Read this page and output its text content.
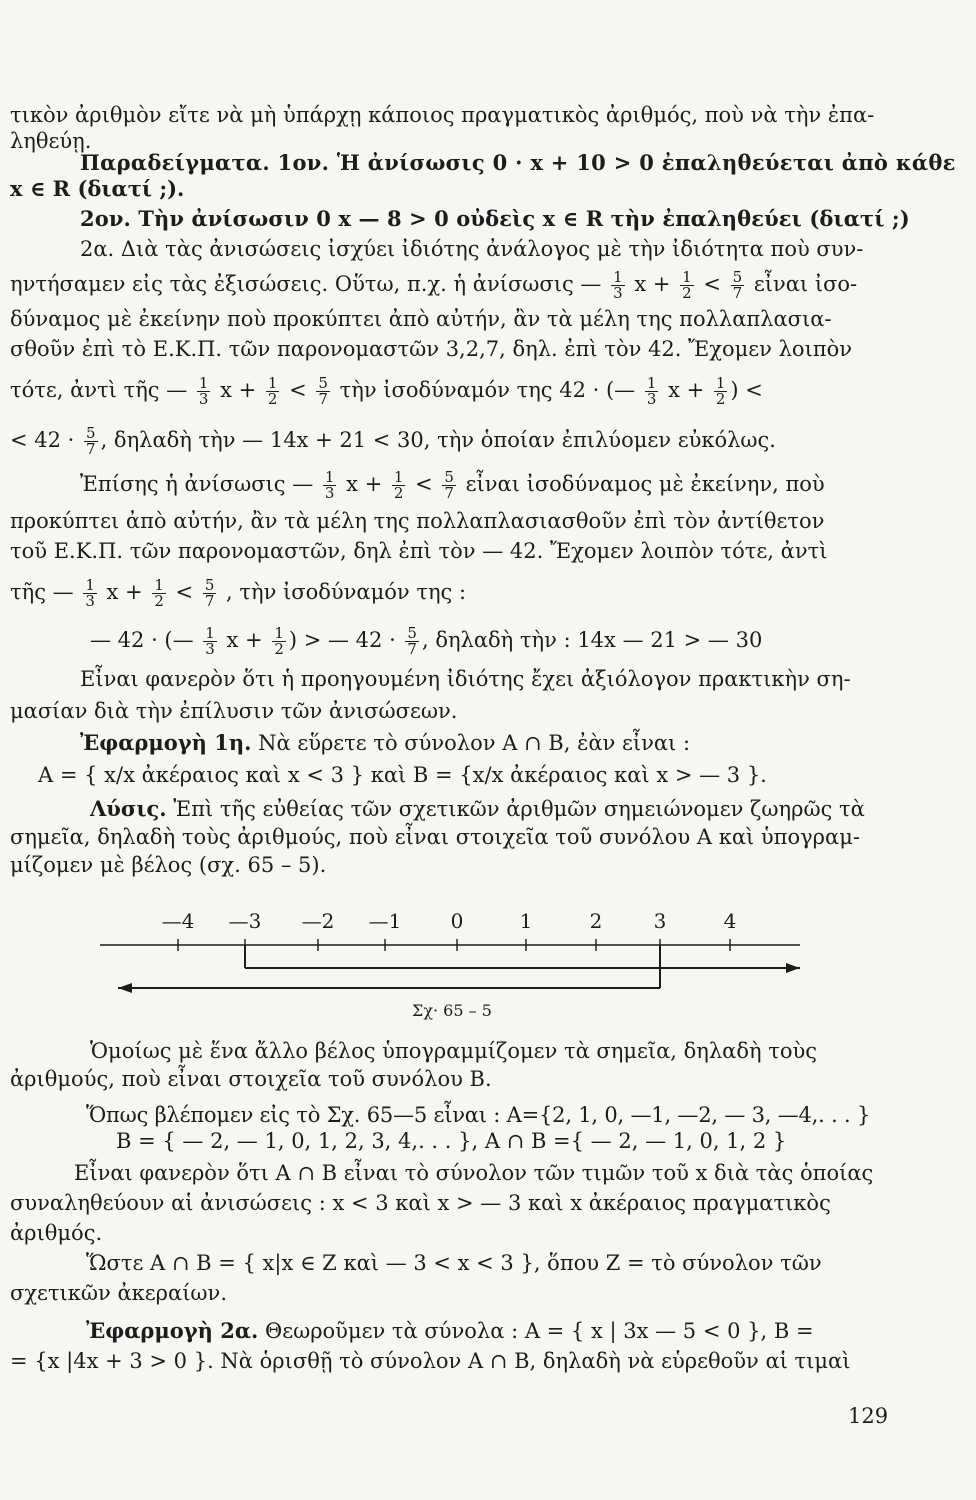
τικὸν ἀριθμὸν εἴτε νὰ μὴ ὑπάρχῃ κάποιος πραγματικὸς ἀριθμός, ποὺ νὰ τὴν ἐπα-
ληθεύῃ.
Παραδείγματα. 1ον. Ἡ ἀνίσωσις 0 · x + 10 > 0 ἐπαληθεύεται ἀπὸ κάθε
x ∈ R (διατί ;).
2ον. Τὴν ἀνίσωσιν 0 x — 8 > 0 οὐδεὶς x ∈ R τὴν ἐπαληθεύει (διατί ;)
2α. Διὰ τὰς ἀνισώσεις ἰσχύει ἰδιότης ἀνάλογος μὲ τὴν ἰδιότητα ποὺ συν-
ηντήσαμεν εἰς τὰς ἐξισώσεις. Οὕτω, π.χ. ἡ ἀνίσωσις — $\frac{1}{3}$ $x + \frac{1}{2} < \frac{5}{7}$ εἶναι ἰσο-
δύναμος μὲ ἐκείνην ποὺ προκύπτει ἀπὸ αὐτήν, ἂν τὰ μέλη της πολλαπλασια-
σθοῦν ἐπὶ τὸ Ε.Κ.Π. τῶν παρονομαστῶν 3,2,7, δηλ. ἐπὶ τὸν 42. Ἔχομεν λοιπὸν
τότε, ἀντὶ τῆς — $\frac{1}{3}$ $x + \frac{1}{2} < \frac{5}{7}$ τὴν ἰσοδύναμόν της 42 · (— $\frac{1}{3}$ $x + \frac{1}{2}$ ) <
< $42 \cdot \frac{5}{7}$ , δηλαδὴ τὴν — 14x + 21 < 30, τὴν ὁποίαν ἐπιλύομεν εὐκόλως.
Ἐπίσης ἡ ἀνίσωσις — $\frac{1}{3}$ $x + \frac{1}{2} < \frac{5}{7}$ εἶναι ἰσοδύναμος μὲ ἐκείνην, ποὺ
προκύπτει ἀπὸ αὐτήν, ἂν τὰ μέλη της πολλαπλασιασθοῦν ἐπὶ τὸν ἀντίθετον
τοῦ Ε.Κ.Π. τῶν παρονομαστῶν, δηλ ἐπὶ τὸν — 42. Ἔχομεν λοιπὸν τότε, ἀντὶ
τῆς — $\frac{1}{3}$ $x + \frac{1}{2} < \frac{5}{7}$ , τὴν ἰσοδύναμόν της :
— 42 · (— $\frac{1}{3}$ $x + \frac{1}{2}$ ) > — $42 \cdot \frac{5}{7}$ , δηλαδὴ τὴν : 14x — 21 > — 30
Εἶναι φανερὸν ὅτι ἡ προηγουμένη ἰδιότης ἔχει ἀξιόλογον πρακτικὴν ση-
μασίαν διὰ τὴν ἐπίλυσιν τῶν ἀνισώσεων.
Ἐφαρμογὴ 1η. Νὰ εὕρετε τὸ σύνολον A ∩ B, ἐὰν εἶναι :
A = { x/x ἀκέραιος καὶ x < 3 } καὶ B = {x/x ἀκέραιος καὶ x > — 3 }.
Λύσις. Ἐπὶ τῆς εὐθείας τῶν σχετικῶν ἀριθμῶν σημειώνομεν ζωηρῶς τὰ
σημεῖα, δηλαδὴ τοὺς ἀριθμούς, ποὺ εἶναι στοιχεῖα τοῦ συνόλου A καὶ ὑπογραμ-
μίζομεν μὲ βέλος (σχ. 65 – 5).
Ὁμοίως μὲ ἕνα ἄλλο βέλος ὑπογραμμίζομεν τὰ σημεῖα, δηλαδὴ τοὺς
ἀριθμούς, ποὺ εἶναι στοιχεῖα τοῦ συνόλου B.
Ὅπως βλέπομεν εἰς τὸ Σχ. 65—5 εἶναι : A={2, 1, 0, —1, —2, — 3, —4,. . . }
B = { — 2, — 1, 0, 1, 2, 3, 4,. . . }, A ∩ B ={ — 2, — 1, 0, 1, 2 }
Εἶναι φανερὸν ὅτι A ∩ B εἶναι τὸ σύνολον τῶν τιμῶν τοῦ x διὰ τὰς ὁποίας
συναληθεύουν αἱ ἀνισώσεις : x < 3 καὶ x > — 3 καὶ x ἀκέραιος πραγματικὸς
ἀριθμός.
Ὥστε A ∩ B = { x|x ∈ Z καὶ — 3 < x < 3 }, ὅπου Z = τὸ σύνολον τῶν
σχετικῶν ἀκεραίων.
Ἐφαρμογὴ 2α. Θεωροῦμεν τὰ σύνολα : A = { x | 3x — 5 < 0 }, B =
= {x |4x + 3 > 0 }. Νὰ ὁρισθῇ τὸ σύνολον A ∩ B, δηλαδὴ νὰ εὑρεθοῦν αἱ τιμαὶ
—4 —3 —2 —1 0	1	2	3	4
Σχ· 65 – 5
129
